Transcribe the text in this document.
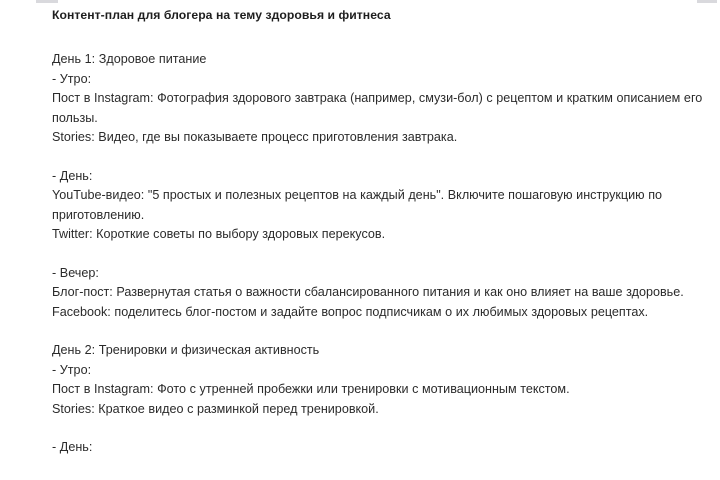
Контент-план для блогера на тему здоровья и фитнеса
День 1: Здоровое питание
- Утро:
Пост в Instagram: Фотография здорового завтрака (например, смузи-бол) с рецептом и кратким описанием его пользы.
Stories: Видео, где вы показываете процесс приготовления завтрака.
- День:
YouTube-видео: "5 простых и полезных рецептов на каждый день". Включите пошаговую инструкцию по приготовлению.
Twitter: Короткие советы по выбору здоровых перекусов.
- Вечер:
Блог-пост: Развернутая статья о важности сбалансированного питания и как оно влияет на ваше здоровье.
Facebook: поделитесь блог-постом и задайте вопрос подписчикам о их любимых здоровых рецептах.
День 2: Тренировки и физическая активность
- Утро:
Пост в Instagram: Фото с утренней пробежки или тренировки с мотивационным текстом.
Stories: Краткое видео с разминкой перед тренировкой.
- День:
